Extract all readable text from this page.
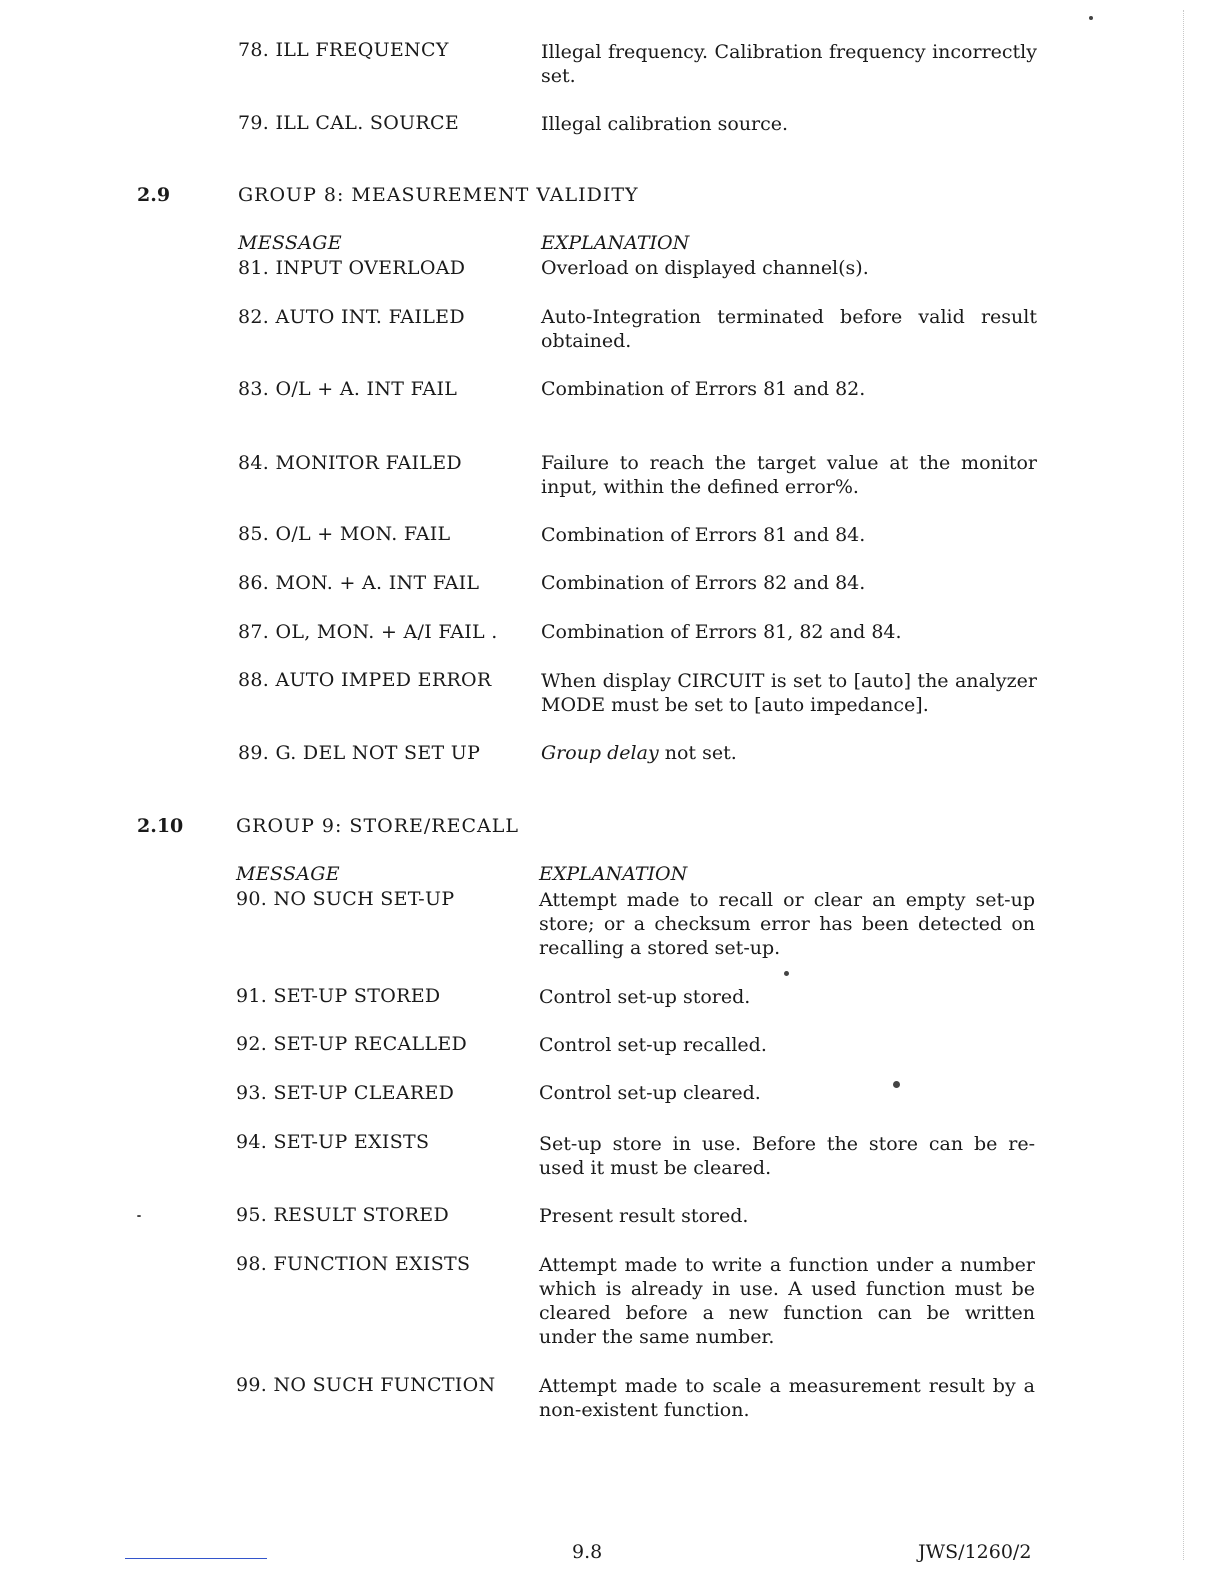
78. ILL FREQUENCY	Illegal frequency. Calibration frequency incorrectly set.
79. ILL CAL. SOURCE	Illegal calibration source.
2.9	GROUP 8: MEASUREMENT VALIDITY
MESSAGE	EXPLANATION
81. INPUT OVERLOAD	Overload on displayed channel(s).
82. AUTO INT. FAILED	Auto-Integration terminated before valid result obtained.
83. O/L + A. INT FAIL	Combination of Errors 81 and 82.
84. MONITOR FAILED	Failure to reach the target value at the monitor input, within the defined error%.
85. O/L + MON. FAIL	Combination of Errors 81 and 84.
86. MON. + A. INT FAIL	Combination of Errors 82 and 84.
87. OL, MON. + A/I FAIL .	Combination of Errors 81, 82 and 84.
88. AUTO IMPED ERROR	When display CIRCUIT is set to [auto] the analyzer MODE must be set to [auto impedance].
89. G. DEL NOT SET UP	Group delay not set.
2.10	GROUP 9: STORE/RECALL
MESSAGE	EXPLANATION
90. NO SUCH SET-UP	Attempt made to recall or clear an empty set-up store; or a checksum error has been detected on recalling a stored set-up.
91. SET-UP STORED	Control set-up stored.
92. SET-UP RECALLED	Control set-up recalled.
93. SET-UP CLEARED	Control set-up cleared.
94. SET-UP EXISTS	Set-up store in use. Before the store can be re-used it must be cleared.
95. RESULT STORED	Present result stored.
98. FUNCTION EXISTS	Attempt made to write a function under a number which is already in use. A used function must be cleared before a new function can be written under the same number.
99. NO SUCH FUNCTION	Attempt made to scale a measurement result by a non-existent function.
9.8	JWS/1260/2
